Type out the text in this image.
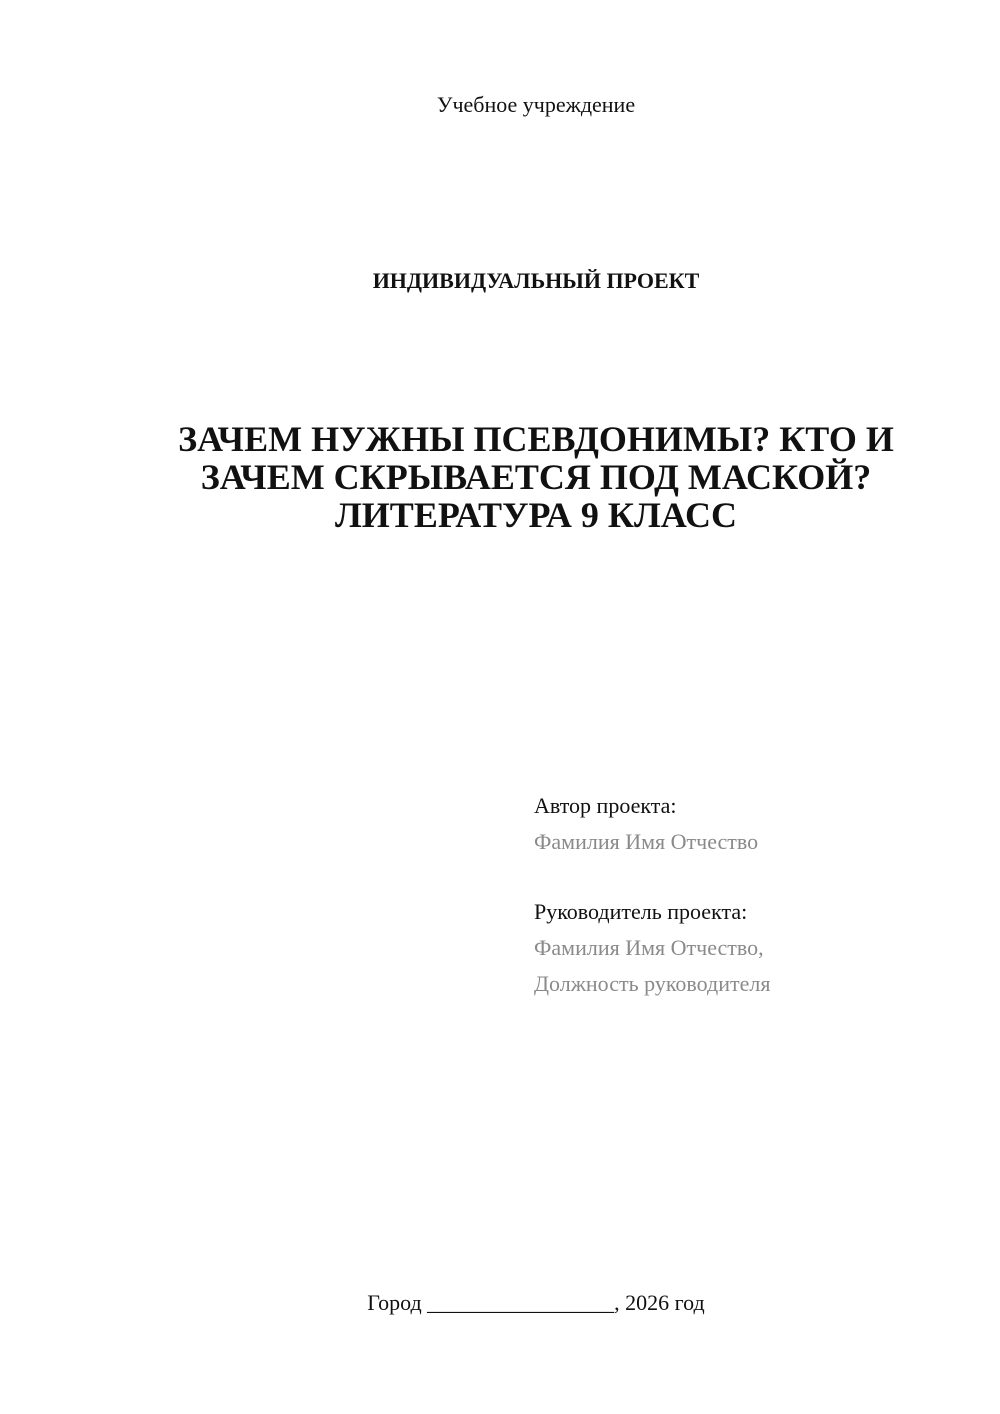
Учебное учреждение
ИНДИВИДУАЛЬНЫЙ ПРОЕКТ
ЗАЧЕМ НУЖНЫ ПСЕВДОНИМЫ? КТО И
ЗАЧЕМ СКРЫВАЕТСЯ ПОД МАСКОЙ?
ЛИТЕРАТУРА 9 КЛАСС
Автор проекта:
Фамилия Имя Отчество
Руководитель проекта:
Фамилия Имя Отчество,
Должность руководителя
Город _________________, 2026 год
